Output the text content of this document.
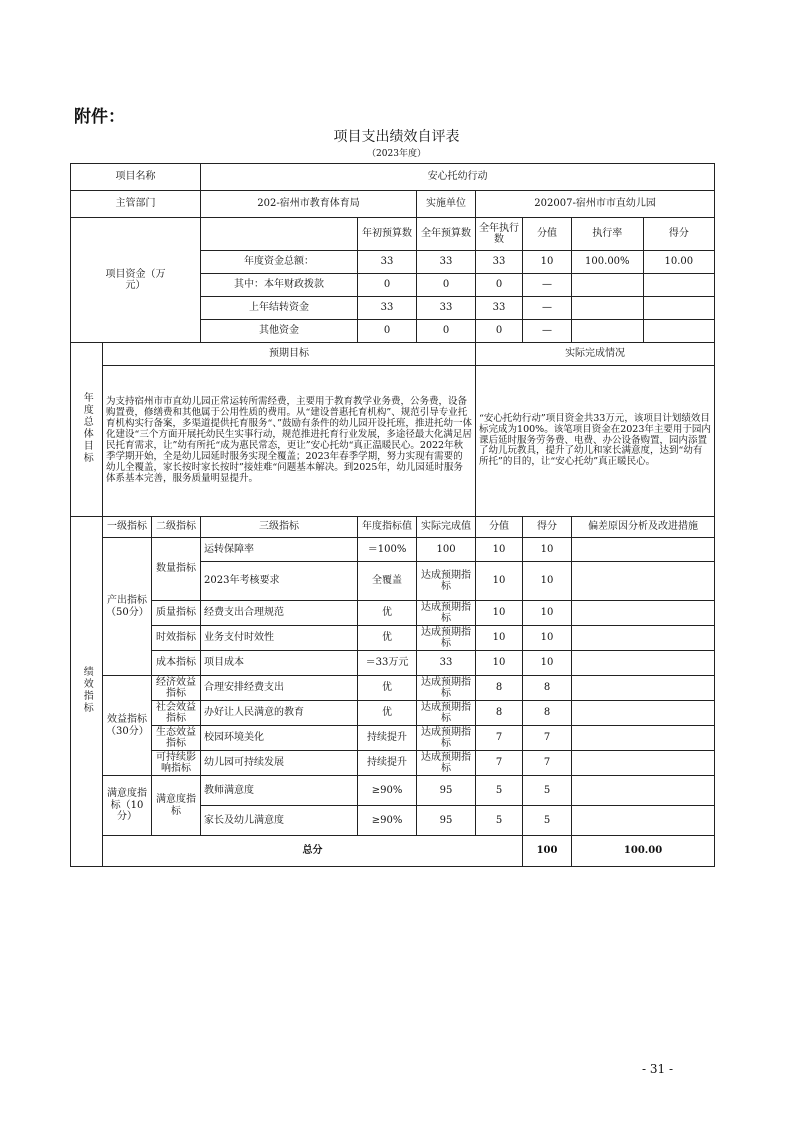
附件：
项目支出绩效自评表
（2023年度）
项目名称			安心托幼行动						
主管部门			202-宿州市教育体育局		实施单位	202007-宿州市市直幼儿园			
项目资金（万元）				年初预算数	全年预算数	全年执行数	分值	执行率 得分	

			年度资金总额：	33	33	33	10	100.00% 10.00	

			其中：本年财政拨款	0	0	0	—		

			上年结转资金	33	33	33	—		

			其他资金	0	0	0	—		

年度总体目标	预期目标					实际完成情况			
	为支持宿州市市直幼儿园正常运转所需经费，主要用于教育教学业务费，公务费，设备购置费，修缮费和其他属于公用性质的费用。从“建设普惠托育机构”、规范引导专业托育机构实行备案，多渠道提供托育服务“、”鼓励有条件的幼儿园开设托班，推进托幼一体化建设“三个方面开展托幼民生实事行动，规范推进托育行业发展，多途径最大化满足居民托育需求，让”幼有所托“成为惠民常态，更让”安心托幼“真正温暖民心。2022年秋季学期开始，全是幼儿园延时服务实现全覆盖；2023年春季学期，努力实现有需要的幼儿全覆盖，家长按时家长按时”接娃难“问题基本解决。到2025年，幼儿园延时服务体系基本完善，服务质量明显提升。					“安心托幼行动”项目资金共33万元，该项目计划绩效目标完成为100%。该笔项目资金在2023年主要用于园内课后延时服务劳务费、电费、办公设备购置，园内添置了幼儿玩教具，提升了幼儿和家长满意度，达到“幼有所托”的目的，让“安心托幼”真正暖民心。			
绩效指标	一级指标	二级指标	三级指标	年度指标值	实际完成值	分值	得分	偏差原因分析及改进措施	
	产出指标（50分）	数量指标	运转保障率	＝100%	100	10	10		
			2023年考核要求	全覆盖	达成预期指标	10	10		
		质量指标	经费支出合理规范	优	达成预期指标	10	10		
		时效指标	业务支付时效性	优	达成预期指标	10	10		
		成本指标	项目成本	＝33万元	33	10	10		
	效益指标（30分）	经济效益指标	合理安排经费支出	优	达成预期指标	8	8		
		社会效益指标	办好让人民满意的教育	优	达成预期指标	8	8		
		生态效益指标	校园环境美化	持续提升	达成预期指标	7	7		
		可持续影响指标	幼儿园可持续发展	持续提升	达成预期指标	7	7		
	满意度指标（10分）	满意度指标	教师满意度	≥90%	95	5	5		
			家长及幼儿满意度	≥90%	95	5	5		
	总分						100	100.00	
- 31 -
